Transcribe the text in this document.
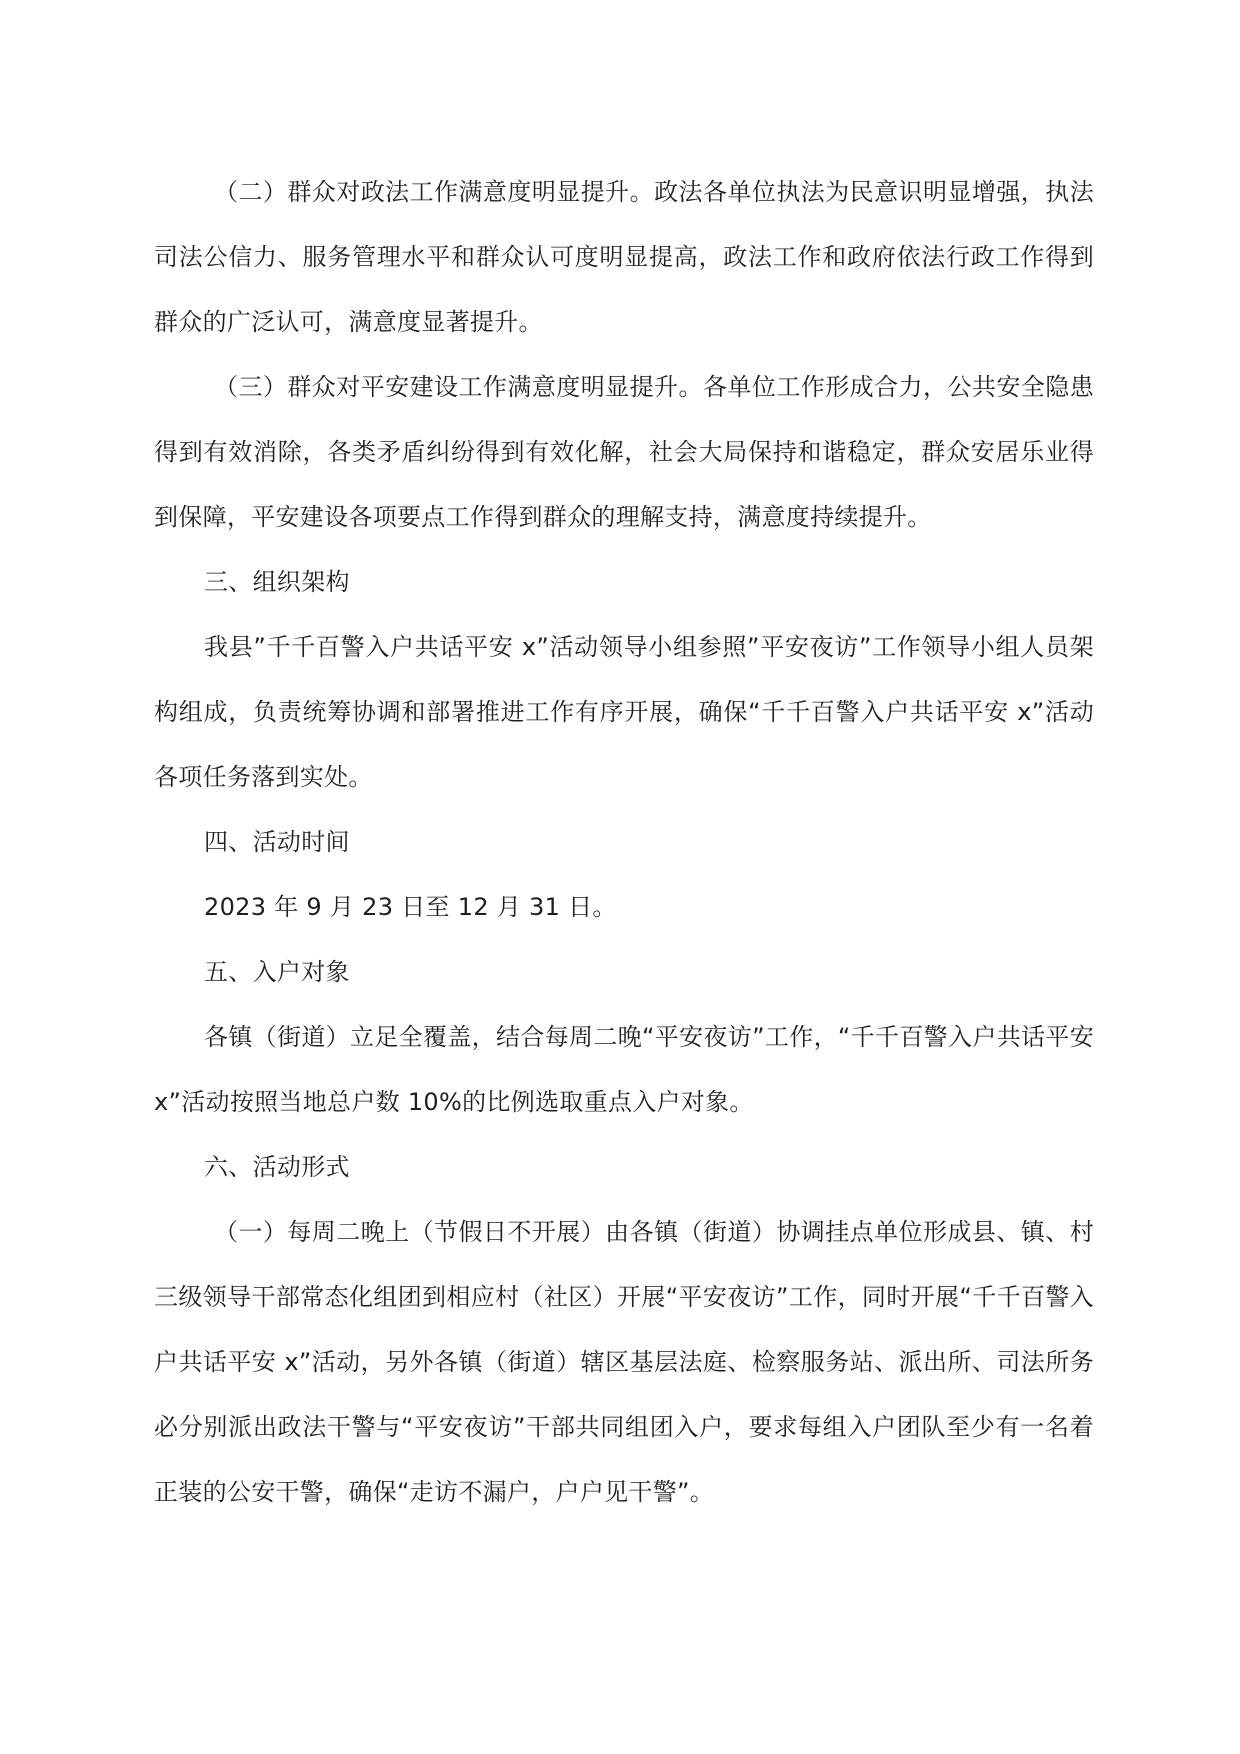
（二）群众对政法工作满意度明显提升。政法各单位执法为民意识明显增强，执法司法公信力、服务管理水平和群众认可度明显提高，政法工作和政府依法行政工作得到群众的广泛认可，满意度显著提升。

（三）群众对平安建设工作满意度明显提升。各单位工作形成合力，公共安全隐患得到有效消除，各类矛盾纠纷得到有效化解，社会大局保持和谐稳定，群众安居乐业得到保障，平安建设各项要点工作得到群众的理解支持，满意度持续提升。

三、组织架构

我县”千千百警入户共话平安 x”活动领导小组参照”平安夜访”工作领导小组人员架构组成，负责统筹协调和部署推进工作有序开展，确保“千千百警入户共话平安 x”活动各项任务落到实处。

四、活动时间

2023 年 9 月 23 日至 12 月 31 日。

五、入户对象

各镇（街道）立足全覆盖，结合每周二晚“平安夜访”工作，“千千百警入户共话平安 x”活动按照当地总户数 10%的比例选取重点入户对象。

六、活动形式

（一）每周二晚上（节假日不开展）由各镇（街道）协调挂点单位形成县、镇、村三级领导干部常态化组团到相应村（社区）开展“平安夜访”工作，同时开展“千千百警入户共话平安 x”活动，另外各镇（街道）辖区基层法庭、检察服务站、派出所、司法所务必分别派出政法干警与“平安夜访”干部共同组团入户，要求每组入户团队至少有一名着正装的公安干警，确保“走访不漏户，户户见干警”。
